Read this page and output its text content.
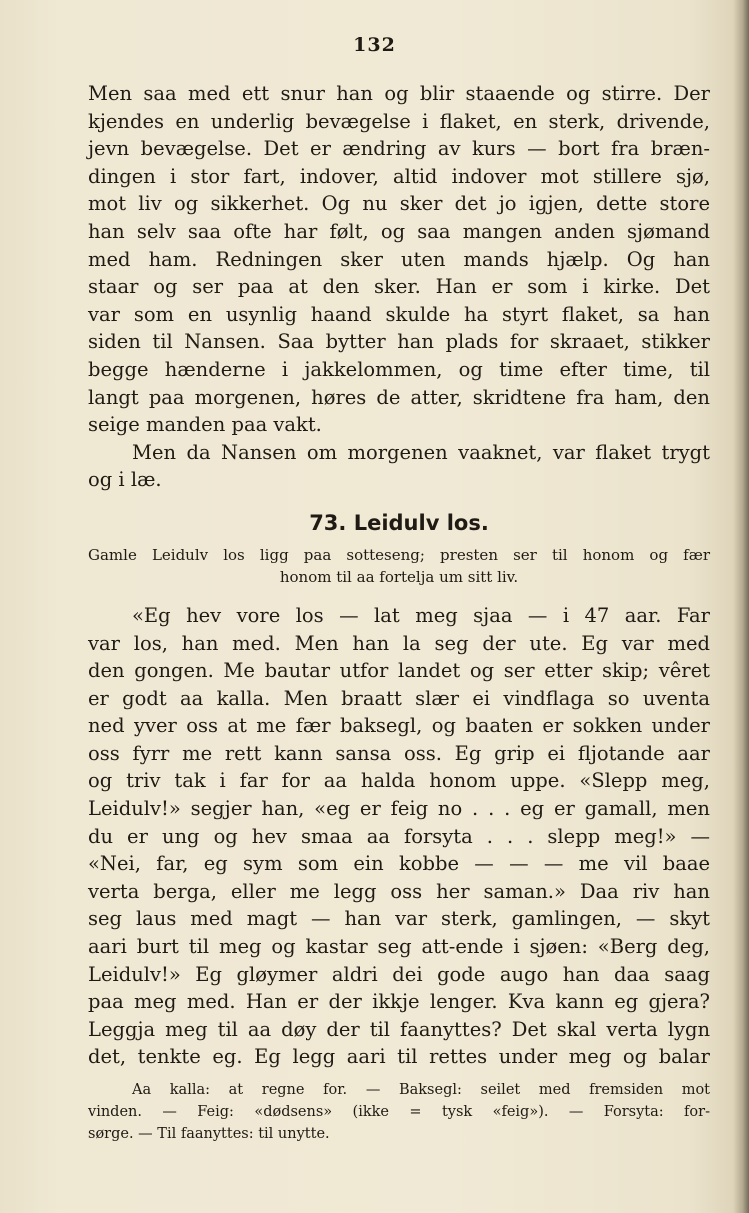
132
Men saa med ett snur han og blir staaende og stirre. Der
kjendes en underlig bevægelse i flaket, en sterk, drivende,
jevn bevægelse. Det er ændring av kurs — bort fra bræn-
dingen i stor fart, indover, altid indover mot stillere sjø,
mot liv og sikkerhet. Og nu sker det jo igjen, dette store
han selv saa ofte har følt, og saa mangen anden sjømand
med ham. Redningen sker uten mands hjælp. Og han
staar og ser paa at den sker. Han er som i kirke. Det
var som en usynlig haand skulde ha styrt flaket, sa han
siden til Nansen. Saa bytter han plads for skraaet, stikker
begge hænderne i jakkelommen, og time efter time, til
langt paa morgenen, høres de atter, skridtene fra ham, den
seige manden paa vakt.
Men da Nansen om morgenen vaaknet, var flaket trygt
og i læ.
73. Leidulv los.
Gamle Leidulv los ligg paa sotteseng; presten ser til honom og fær
honom til aa fortelja um sitt liv.
«Eg hev vore los — lat meg sjaa — i 47 aar. Far
var los, han med. Men han la seg der ute. Eg var med
den gongen. Me bautar utfor landet og ser etter skip; vêret
er godt aa kalla. Men braatt slær ei vindflaga so uventa
ned yver oss at me fær baksegl, og baaten er sokken under
oss fyrr me rett kann sansa oss. Eg grip ei fljotande aar
og triv tak i far for aa halda honom uppe. «Slepp meg,
Leidulv!» segjer han, «eg er feig no . . . eg er gamall, men
du er ung og hev smaa aa forsyta . . . slepp meg!» —
«Nei, far, eg sym som ein kobbe — — — me vil baae
verta berga, eller me legg oss her saman.» Daa riv han
seg laus med magt — han var sterk, gamlingen, — skyt
aari burt til meg og kastar seg att-ende i sjøen: «Berg deg,
Leidulv!» Eg gløymer aldri dei gode augo han daa saag
paa meg med. Han er der ikkje lenger. Kva kann eg gjera?
Leggja meg til aa døy der til faanyttes? Det skal verta lygn
det, tenkte eg. Eg legg aari til rettes under meg og balar
Aa kalla: at regne for. — Baksegl: seilet med fremsiden mot
vinden. — Feig: «dødsens» (ikke = tysk «feig»). — Forsyta: for-
sørge. — Til faanyttes: til unytte.
